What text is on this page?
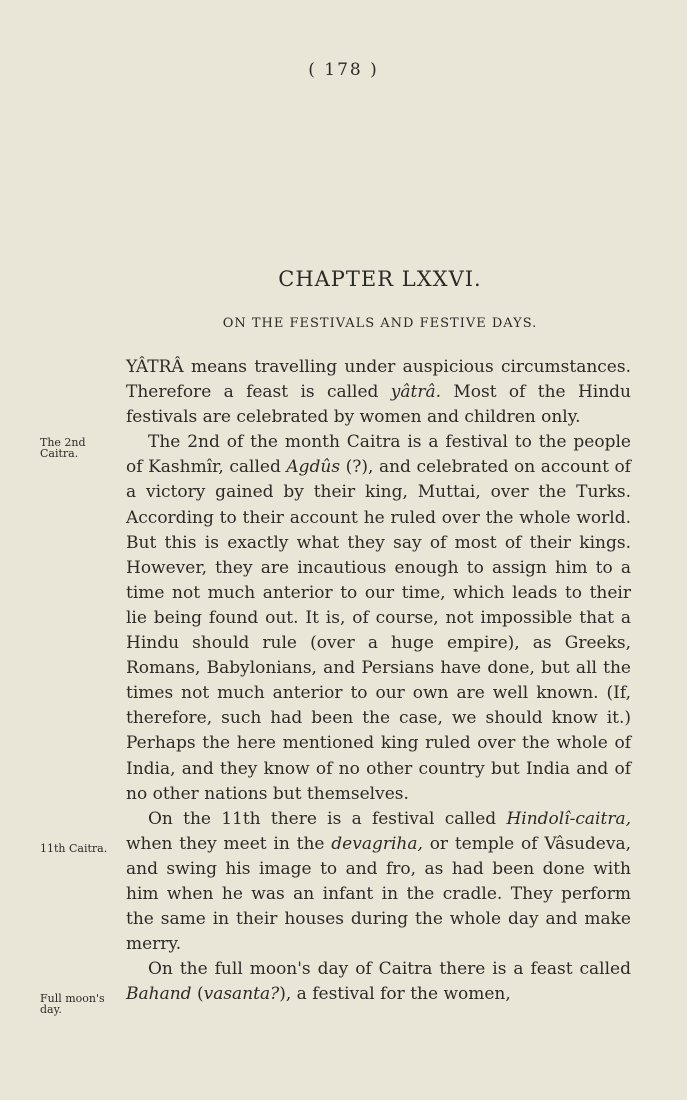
( 178 )
CHAPTER LXXVI.
ON THE FESTIVALS AND FESTIVE DAYS.

YÂTRÂ means travelling under auspicious circumstances. Therefore a feast is called yâtrâ. Most of the Hindu festivals are celebrated by women and children only.

The 2nd of the month Caitra is a festival to the people of Kashmîr, called Agdûs (?), and celebrated on account of a victory gained by their king, Muttai, over the Turks. According to their account he ruled over the whole world. But this is exactly what they say of most of their kings. However, they are incautious enough to assign him to a time not much anterior to our time, which leads to their lie being found out. It is, of course, not impossible that a Hindu should rule (over a huge empire), as Greeks, Romans, Babylonians, and Persians have done, but all the times not much anterior to our own are well known. (If, therefore, such had been the case, we should know it.) Perhaps the here mentioned king ruled over the whole of India, and they know of no other country but India and of no other nations but themselves.

On the 11th there is a festival called Hindolî-caitra, when they meet in the devagriha, or temple of Vâsudeva, and swing his image to and fro, as had been done with him when he was an infant in the cradle. They perform the same in their houses during the whole day and make merry.

On the full moon's day of Caitra there is a feast called Bahand (vasanta?), a festival for the women,

The 2nd Caitra.
11th Caitra.
Full moon's day.
